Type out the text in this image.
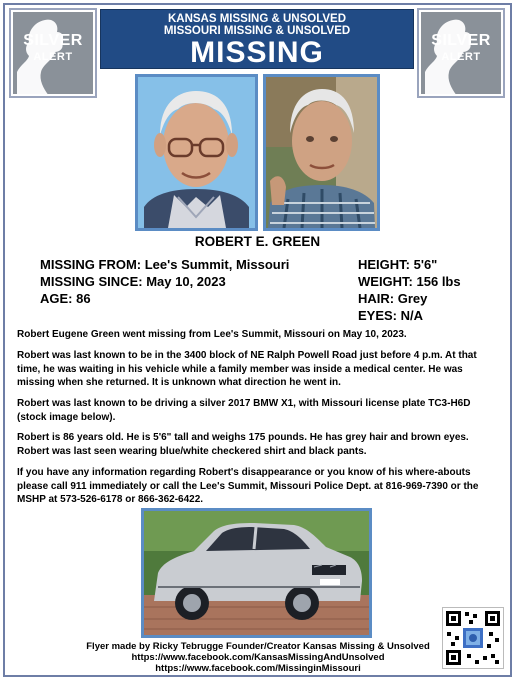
SILVER
ALERT
SILVER
ALERT
KANSAS MISSING & UNSOLVED
MISSOURI MISSING & UNSOLVED
MISSING
ROBERT E. GREEN
MISSING FROM: Lee's Summit, Missouri
MISSING SINCE: May 10, 2023
AGE: 86
HEIGHT: 5'6"
WEIGHT: 156 lbs
HAIR: Grey
EYES: N/A
Robert Eugene Green went missing from Lee's Summit, Missouri on May 10, 2023.
Robert was last known to be in the 3400 block of NE Ralph Powell Road just before 4 p.m. At that time, he was waiting in his vehicle while a family member was inside a medical center. He was missing when she returned. It is unknown what direction he went in.
Robert was last known to be driving a silver 2017 BMW X1, with Missouri license plate TC3-H6D (stock image below).
Robert is 86 years old. He is 5'6" tall and weighs 175 pounds. He has grey hair and brown eyes. Robert was last seen wearing blue/white checkered shirt and black pants.
If you have any information regarding Robert's disappearance or you know of his where-abouts please call 911 immediately or call the Lee's Summit, Missouri Police Dept. at 816-969-7390 or the MSHP at 573-526-6178 or 866-362-6422.
Flyer made by Ricky Tebrugge Founder/Creator Kansas Missing & Unsolved
https://www.facebook.com/KansasMissingAndUnsolved
https://www.facebook.com/MissinginMissouri
